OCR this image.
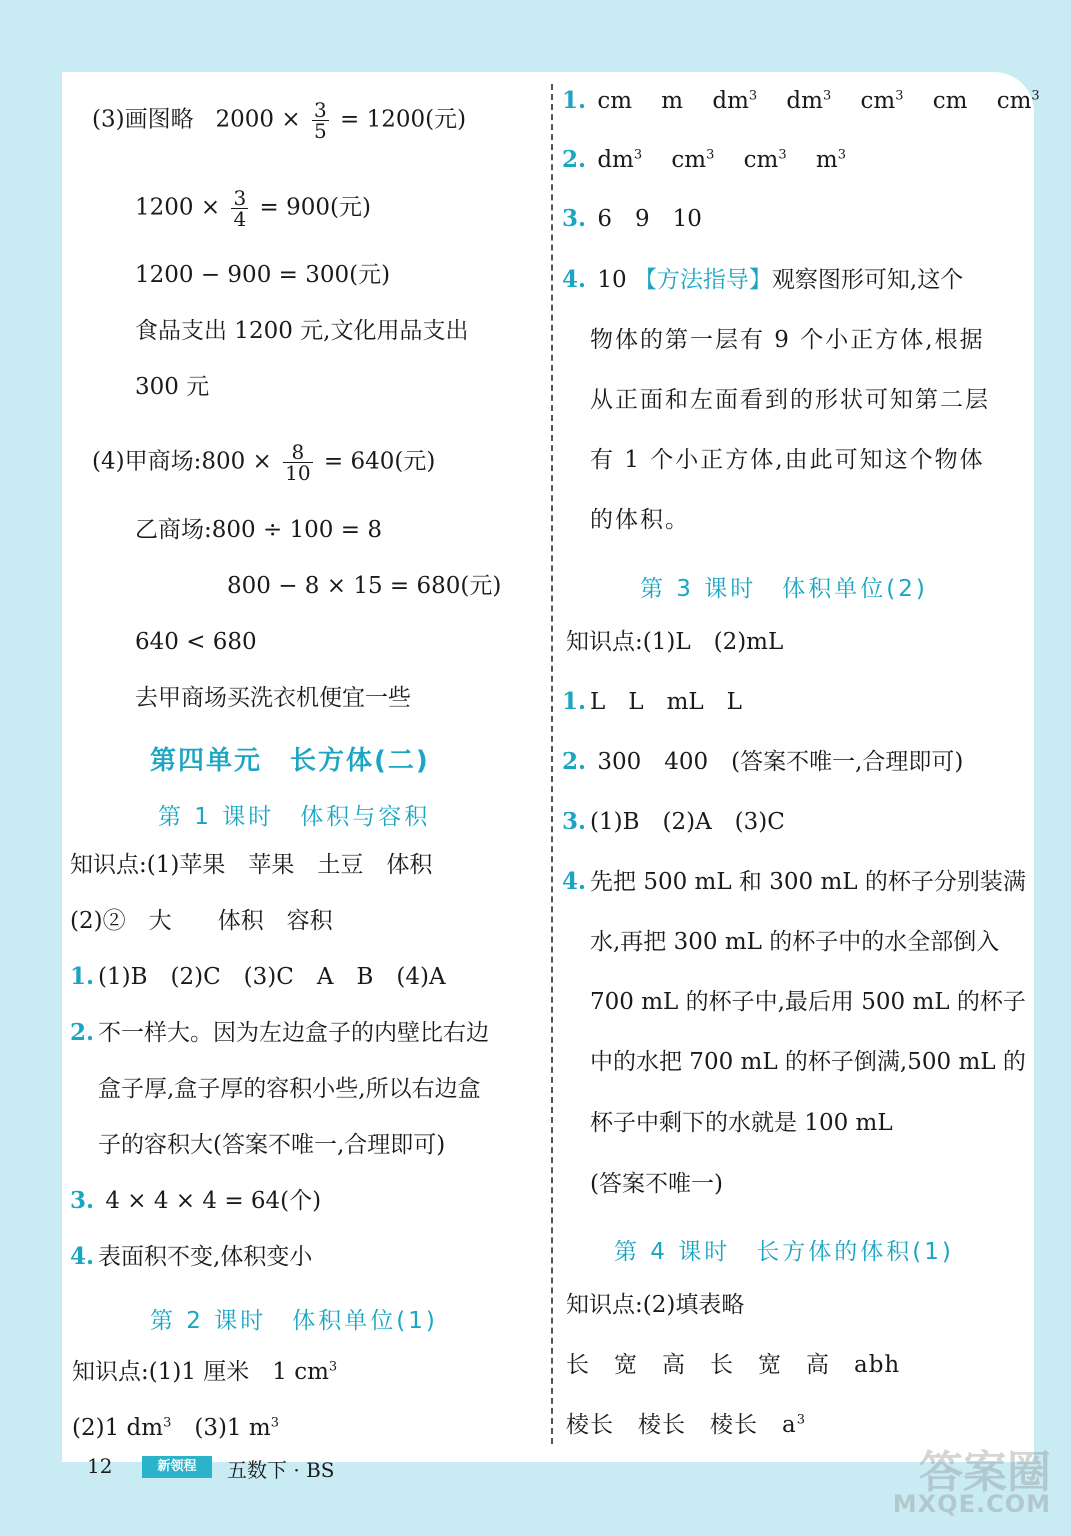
(3)画图略 $2000 \times \frac{3}{5} = 1200$(元)
$1200 \times \frac{3}{4} = 900$(元)
1200 − 900 = 300(元)
食品支出 1200 元,文化用品支出
300 元
(4)甲商场:800 × $\frac{8}{10} = 640$(元)
乙商场:800 ÷ 100 = 8
800 − 8 × 15 = 680(元)
640 < 680
去甲商场买洗衣机便宜一些
第四单元　长方体(二)
第 1 课时　体积与容积
知识点:(1)苹果　苹果　土豆　体积
(2)②　大　　体积　容积
1. (1)B　(2)C　(3)C　A　B　(4)A
2. 不一样大。因为左边盒子的内壁比右边
盒子厚,盒子厚的容积小些,所以右边盒
子的容积大(答案不唯一,合理即可)
3. 4 × 4 × 4 = 64(个)
4. 表面积不变,体积变小
第 2 课时　体积单位(1)
知识点:(1)1 厘米　1 $cm^3$
(2)1 $dm^3$　(3)1 $m^3$
1. cm m $dm^3$ $dm^3$ $cm^3$ cm $cm^3$
2. $dm^3$ $cm^3$ $cm^3$ $m^3$
3. 6　9　10
4. 10 【方法指导】观察图形可知,这个
物体的第一层有 9 个小正方体,根据
从正面和左面看到的形状可知第二层
有 1 个小正方体,由此可知这个物体
的体积。
第 3 课时　体积单位(2)
知识点:(1)L　(2)mL
1. L　L　mL　L
2. 300　400　(答案不唯一,合理即可)
3. (1)B　(2)A　(3)C
4. 先把 500 mL 和 300 mL 的杯子分别装满
水,再把 300 mL 的杯子中的水全部倒入
700 mL 的杯子中,最后用 500 mL 的杯子
中的水把 700 mL 的杯子倒满,500 mL 的
杯子中剩下的水就是 100 mL
(答案不唯一)
第 4 课时　长方体的体积(1)
知识点:(2)填表略
长　宽　高　长　宽　高　abh
棱长　棱长　棱长　$a^3$
12	新领程	五数下 · BS	答案圈
MXQE.COM
